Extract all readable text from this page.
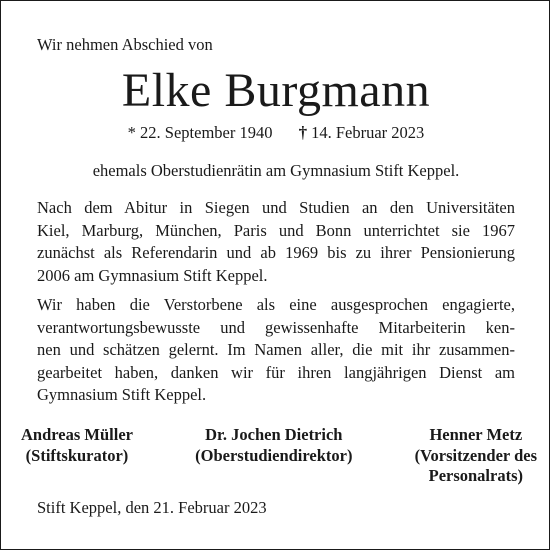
Wir nehmen Abschied von
Elke Burgmann
* 22. September 1940 † 14. Februar 2023
ehemals Oberstudienrätin am Gymnasium Stift Keppel.
Nach dem Abitur in Siegen und Studien an den Universitäten
Kiel, Marburg, München, Paris und Bonn unterrichtet sie 1967
zunächst als Referendarin und ab 1969 bis zu ihrer Pensionierung
2006 am Gymnasium Stift Keppel.
Wir haben die Verstorbene als eine ausgesprochen engagierte,
verantwortungsbewusste und gewissenhafte Mitarbeiterin ken-
nen und schätzen gelernt. Im Namen aller, die mit ihr zusammen-
gearbeitet haben, danken wir für ihren langjährigen Dienst am
Gymnasium Stift Keppel.
Andreas Müller
(Stiftskurator)
Dr. Jochen Dietrich
(Oberstudiendirektor)
Henner Metz
(Vorsitzender des
Personalrats)
Stift Keppel, den 21. Februar 2023
